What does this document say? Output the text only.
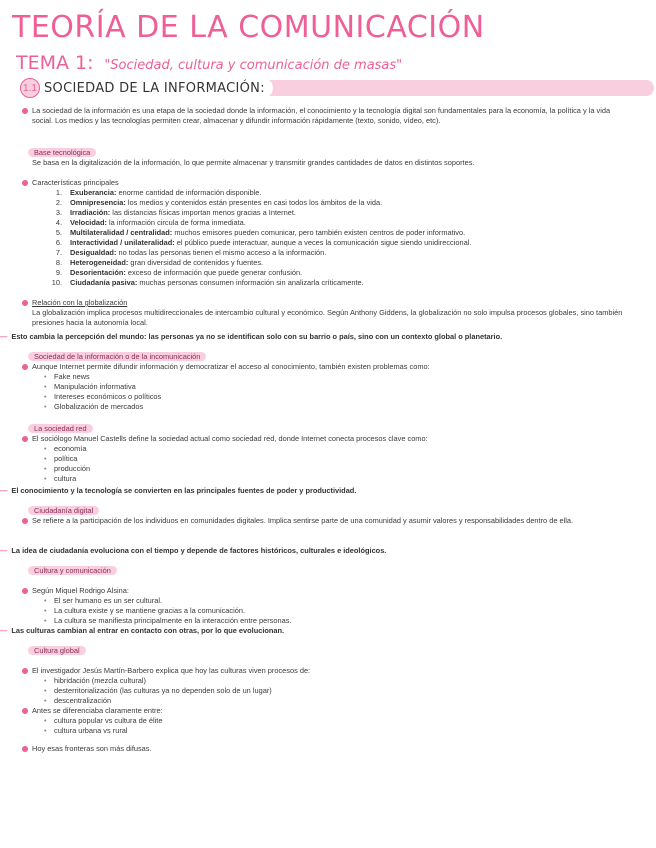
TEORÍA DE LA COMUNICACIÓN
TEMA 1: "Sociedad, cultura y comunicación de masas"
1.1 SOCIEDAD DE LA INFORMACIÓN:
La sociedad de la información es una etapa de la sociedad donde la información, el conocimiento y la tecnología digital son fundamentales para la economía, la política y la vida social. Los medios y las tecnologías permiten crear, almacenar y difundir información rápidamente (texto, sonido, vídeo, etc).
Base tecnológica
Se basa en la digitalización de la información, lo que permite almacenar y transmitir grandes cantidades de datos en distintos soportes.
Características principales
1. Exuberancia: enorme cantidad de información disponible.
2. Omnipresencia: los medios y contenidos están presentes en casi todos los ámbitos de la vida.
3. Irradiación: las distancias físicas importan menos gracias a Internet.
4. Velocidad: la información circula de forma inmediata.
5. Multilateralidad / centralidad: muchos emisores pueden comunicar, pero también existen centros de poder informativo.
6. Interactividad / unilateralidad: el público puede interactuar, aunque a veces la comunicación sigue siendo unidireccional.
7. Desigualdad: no todas las personas tienen el mismo acceso a la información.
8. Heterogeneidad: gran diversidad de contenidos y fuentes.
9. Desorientación: exceso de información que puede generar confusión.
10. Ciudadanía pasiva: muchas personas consumen información sin analizarla críticamente.
Relación con la globalización
La globalización implica procesos multidireccionales de intercambio cultural y económico. Según Anthony Giddens, la globalización no solo impulsa procesos globales, sino también presiones hacia la autonomía local.
— Esto cambia la percepción del mundo: las personas ya no se identifican solo con su barrio o país, sino con un contexto global o planetario.
Sociedad de la información o de la incomunicación
Aunque Internet permite difundir información y democratizar el acceso al conocimiento, también existen problemas como:
• Fake news
• Manipulación informativa
• Intereses económicos o políticos
• Globalización de mercados
La sociedad red
El sociólogo Manuel Castells define la sociedad actual como sociedad red, donde Internet conecta procesos clave como:
• economía
• política
• producción
• cultura
— El conocimiento y la tecnología se convierten en las principales fuentes de poder y productividad.
Ciudadanía digital
Se refiere a la participación de los individuos en comunidades digitales. Implica sentirse parte de una comunidad y asumir valores y responsabilidades dentro de ella.
— La idea de ciudadanía evoluciona con el tiempo y depende de factores históricos, culturales e ideológicos.
Cultura y comunicación
Según Miquel Rodrigo Alsina:
• El ser humano es un ser cultural.
• La cultura existe y se mantiene gracias a la comunicación.
• La cultura se manifiesta principalmente en la interacción entre personas.
— Las culturas cambian al entrar en contacto con otras, por lo que evolucionan.
Cultura global
El investigador Jesús Martín-Barbero explica que hoy las culturas viven procesos de:
• hibridación (mezcla cultural)
• desterritorialización (las culturas ya no dependen solo de un lugar)
• descentralización
Antes se diferenciaba claramente entre:
• cultura popular vs cultura de élite
• cultura urbana vs rural
Hoy esas fronteras son más difusas.
